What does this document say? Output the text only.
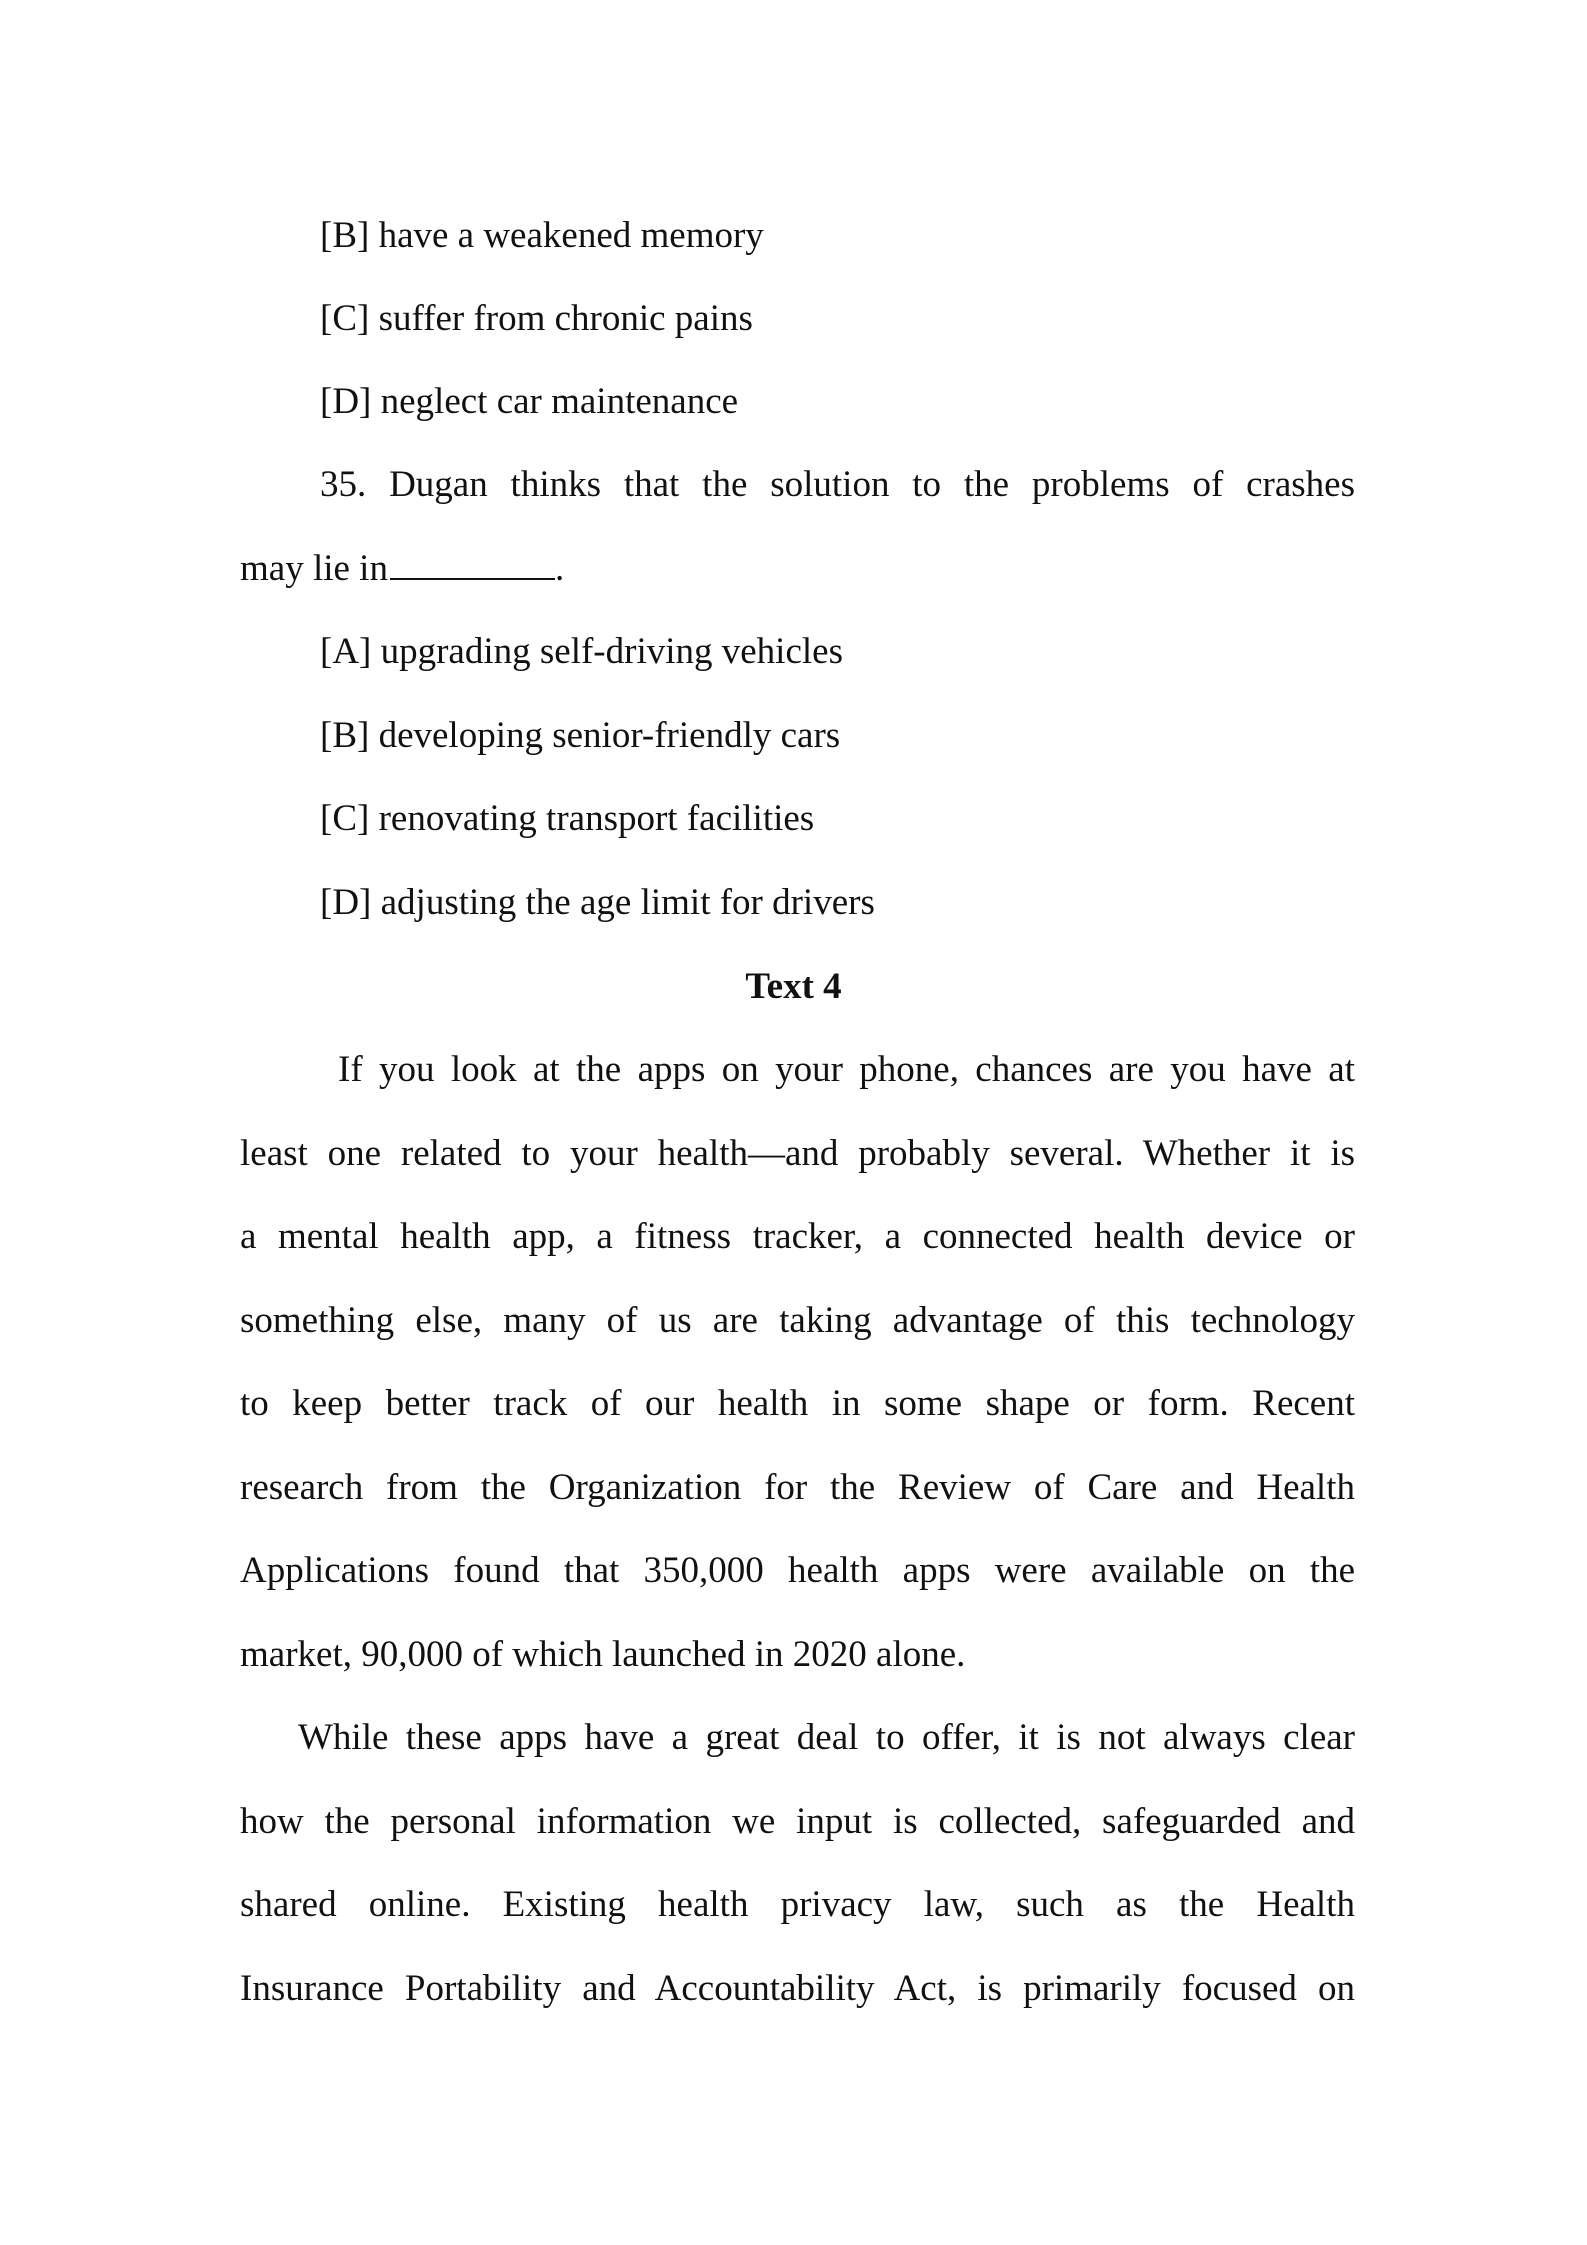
[B] have a weakened memory
[C] suffer from chronic pains
[D] neglect car maintenance
35. Dugan thinks that the solution to the problems of crashes
may lie in	.
[A] upgrading self-driving vehicles
[B] developing senior-friendly cars
[C] renovating transport facilities
[D] adjusting the age limit for drivers
Text 4
If you look at the apps on your phone, chances are you have at
least one related to your health—and probably several. Whether it is
a mental health app, a fitness tracker, a connected health device or
something else, many of us are taking advantage of this technology
to keep better track of our health in some shape or form. Recent
research from the Organization for the Review of Care and Health
Applications found that 350,000 health apps were available on the
market, 90,000 of which launched in 2020 alone.
While these apps have a great deal to offer, it is not always clear
how the personal information we input is collected, safeguarded and
shared online. Existing health privacy law, such as the Health
Insurance Portability and Accountability Act, is primarily focused on
